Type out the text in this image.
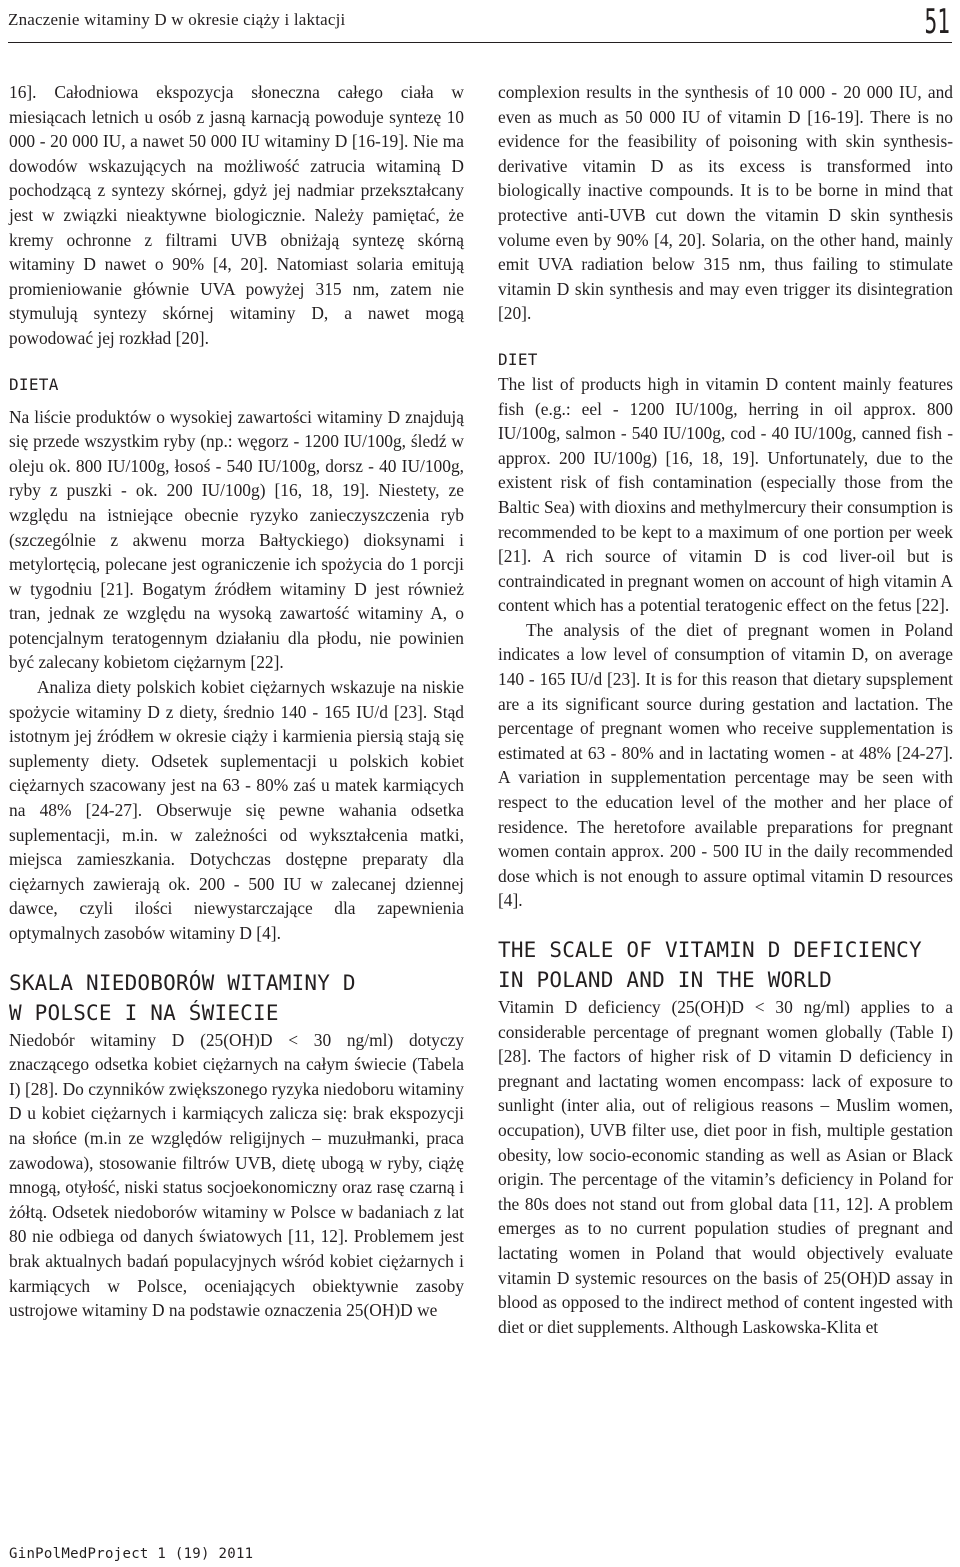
Znaczenie witaminy D w okresie ciąży i laktacji	51

16]. Całodniowa ekspozycja słoneczna całego ciała w miesiącach letnich u osób z jasną karnacją powoduje syntezę 10 000 - 20 000 IU, a nawet 50 000 IU witaminy D [16-19]. Nie ma dowodów wskazujących na możliwość zatrucia witaminą D pochodzącą z syntezy skórnej, gdyż jej nadmiar przekształcany jest w związki nieaktywne biologicznie. Należy pamiętać, że kremy ochronne z filtrami UVB obniżają syntezę skórną witaminy D nawet o 90% [4, 20]. Natomiast solaria emitują promieniowanie głównie UVA powyżej 315 nm, zatem nie stymulują syntezy skórnej witaminy D, a nawet mogą powodować jej rozkład [20].

DIETA

Na liście produktów o wysokiej zawartości witaminy D znajdują się przede wszystkim ryby (np.: węgorz - 1200 IU/100g, śledź w oleju ok. 800 IU/100g, łosoś - 540 IU/100g, dorsz - 40 IU/100g, ryby z puszki - ok. 200 IU/100g) [16, 18, 19]. Niestety, ze względu na istniejące obecnie ryzyko zanieczyszczenia ryb (szczególnie z akwenu morza Bałtyckiego) dioksynami i metylortęcią, polecane jest ograniczenie ich spożycia do 1 porcji w tygodniu [21]. Bogatym źródłem witaminy D jest również tran, jednak ze względu na wysoką zawartość witaminy A, o potencjalnym teratogennym działaniu dla płodu, nie powinien być zalecany kobietom ciężarnym [22].

Analiza diety polskich kobiet ciężarnych wskazuje na niskie spożycie witaminy D z diety, średnio 140 - 165 IU/d [23]. Stąd istotnym jej źródłem w okresie ciąży i karmienia piersią stają się suplementy diety. Odsetek suplementacji u polskich kobiet ciężarnych szacowany jest na 63 - 80% zaś u matek karmiących na 48% [24-27]. Obserwuje się pewne wahania odsetka suplementacji, m.in. w zależności od wykształcenia matki, miejsca zamieszkania. Dotychczas dostępne preparaty dla ciężarnych zawierają ok. 200 - 500 IU w zalecanej dziennej dawce, czyli ilości niewystarczające dla zapewnienia optymalnych zasobów witaminy D [4].

SKALA NIEDOBORÓW WITAMINY D
W POLSCE I NA ŚWIECIE

Niedobór witaminy D (25(OH)D < 30 ng/ml) dotyczy znaczącego odsetka kobiet ciężarnych na całym świecie (Tabela I) [28]. Do czynników zwiększonego ryzyka niedoboru witaminy D u kobiet ciężarnych i karmiących zalicza się: brak ekspozycji na słońce (m.in ze względów religijnych – muzułmanki, praca zawodowa), stosowanie filtrów UVB, dietę ubogą w ryby, ciążę mnogą, otyłość, niski status socjoekonomiczny oraz rasę czarną i żółtą. Odsetek niedoborów witaminy w Polsce w badaniach z lat 80 nie odbiega od danych światowych [11, 12]. Problemem jest brak aktualnych badań populacyjnych wśród kobiet ciężarnych i karmiących w Polsce, oceniających obiektywnie zasoby ustrojowe witaminy D na podstawie oznaczenia 25(OH)D we

complexion results in the synthesis of 10 000 - 20 000 IU, and even as much as 50 000 IU of vitamin D [16-19]. There is no evidence for the feasibility of poisoning with skin synthesis-derivative vitamin D as its excess is transformed into biologically inactive compounds. It is to be borne in mind that protective anti-UVB cut down the vitamin D skin synthesis volume even by 90% [4, 20]. Solaria, on the other hand, mainly emit UVA radiation below 315 nm, thus failing to stimulate vitamin D skin synthesis and may even trigger its disintegration [20].

DIET

The list of products high in vitamin D content mainly features fish (e.g.: eel - 1200 IU/100g, herring in oil approx. 800 IU/100g, salmon - 540 IU/100g, cod - 40 IU/100g, canned fish - approx. 200 IU/100g) [16, 18, 19]. Unfortunately, due to the existent risk of fish contamination (especially those from the Baltic Sea) with dioxins and methylmercury their consumption is recommended to be kept to a maximum of one portion per week [21]. A rich source of vitamin D is cod liver-oil but is contraindicated in pregnant women on account of high vitamin A content which has a potential teratogenic effect on the fetus [22].

The analysis of the diet of pregnant women in Poland indicates a low level of consumption of vitamin D, on average 140 - 165 IU/d [23]. It is for this reason that dietary supsplement are a its significant source during gestation and lactation. The percentage of pregnant women who receive supplementation is estimated at 63 - 80% and in lactating women - at 48% [24-27]. A variation in supplementation percentage may be seen with respect to the education level of the mother and her place of residence. The heretofore available preparations for pregnant women contain approx. 200 - 500 IU in the daily recommended dose which is not enough to assure optimal vitamin D resources [4].

THE SCALE OF VITAMIN D DEFICIENCY
IN POLAND AND IN THE WORLD

Vitamin D deficiency (25(OH)D < 30 ng/ml) applies to a considerable percentage of pregnant women globally (Table I) [28]. The factors of higher risk of D vitamin D deficiency in pregnant and lactating women encompass: lack of exposure to sunlight (inter alia, out of religious reasons – Muslim women, occupation), UVB filter use, diet poor in fish, multiple gestation obesity, low socio-economic standing as well as Asian or Black origin. The percentage of the vitamin’s deficiency in Poland for the 80s does not stand out from global data [11, 12]. A problem emerges as to no current population studies of pregnant and lactating women in Poland that would objectively evaluate vitamin D systemic resources on the basis of 25(OH)D assay in blood as opposed to the indirect method of content ingested with diet or diet supplements. Although Laskowska-Klita et

GinPolMedProject 1 (19) 2011
